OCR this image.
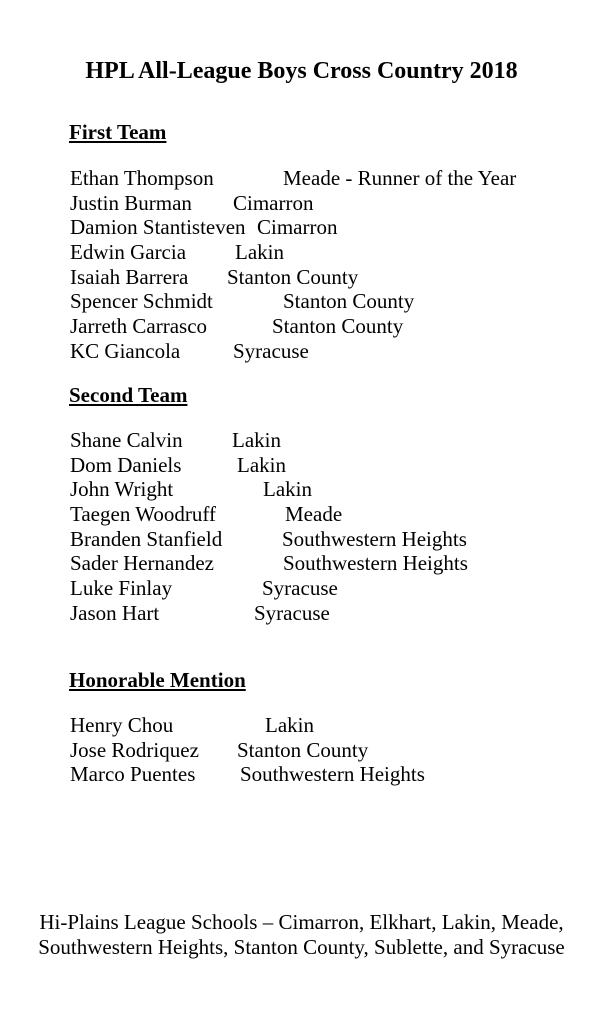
HPL All-League Boys Cross Country 2018
First Team
Ethan Thompson	Meade - Runner of the Year
Justin Burman Cimarron
Damion Stantisteven Cimarron
Edwin Garcia Lakin
Isaiah Barrera Stanton County
Spencer Schmidt	Stanton County
Jarreth Carrasco	Stanton County
KC Giancola	Syracuse
Second Team
Shane Calvin Lakin
Dom Daniels	Lakin
John Wright	Lakin
Taegen Woodruff	Meade
Branden Stanfield	Southwestern Heights
Sader Hernandez	Southwestern Heights
Luke Finlay	Syracuse
Jason Hart	Syracuse
Honorable Mention
Henry Chou	Lakin
Jose Rodriquez Stanton County
Marco Puentes Southwestern Heights
Hi-Plains League Schools – Cimarron, Elkhart, Lakin, Meade,
Southwestern Heights, Stanton County, Sublette, and Syracuse
